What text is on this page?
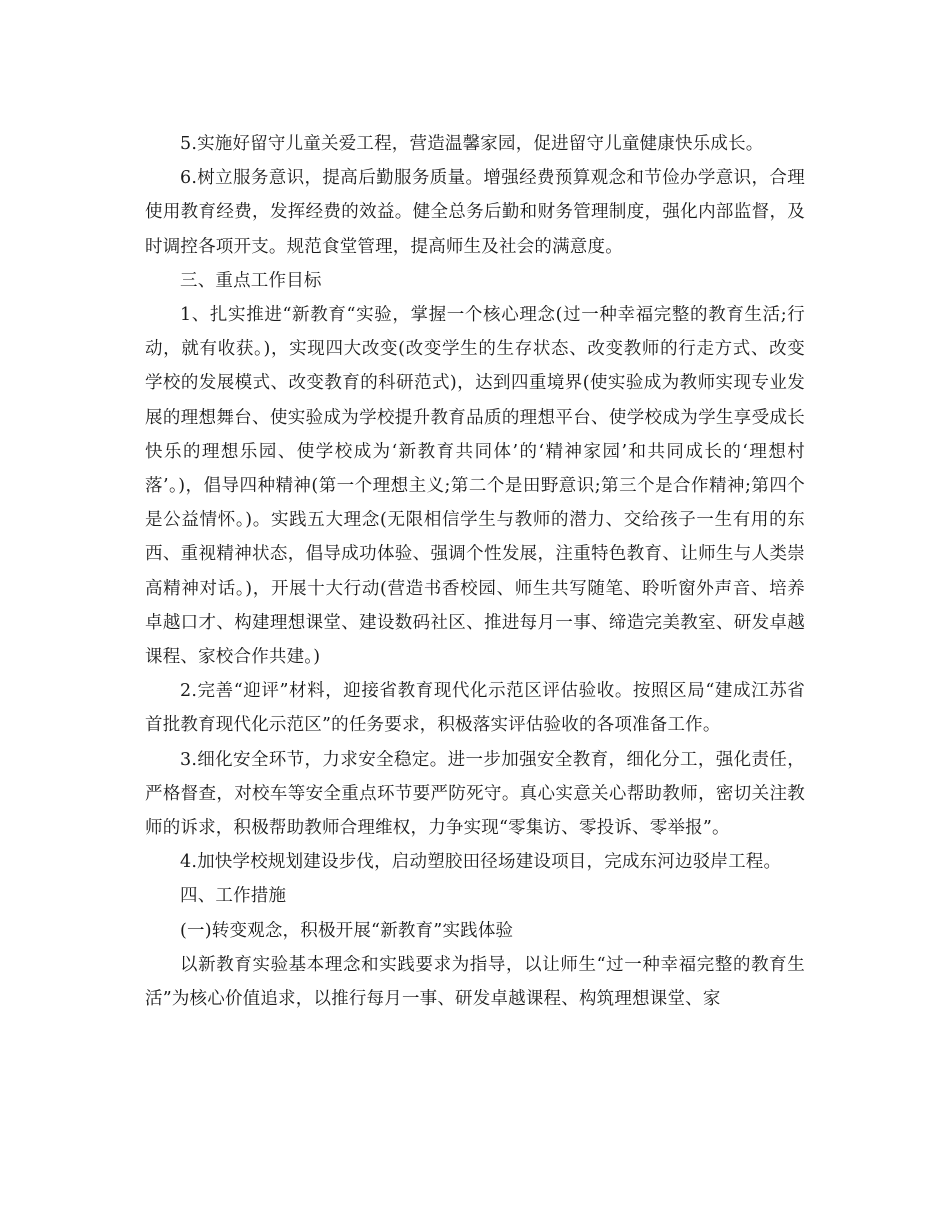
5.实施好留守儿童关爱工程，营造温馨家园，促进留守儿童健康快乐成长。

6.树立服务意识，提高后勤服务质量。增强经费预算观念和节俭办学意识，合理使用教育经费，发挥经费的效益。健全总务后勤和财务管理制度，强化内部监督，及时调控各项开支。规范食堂管理，提高师生及社会的满意度。

三、重点工作目标

1、扎实推进“新教育“实验，掌握一个核心理念(过一种幸福完整的教育生活;行动，就有收获。)，实现四大改变(改变学生的生存状态、改变教师的行走方式、改变学校的发展模式、改变教育的科研范式)，达到四重境界(使实验成为教师实现专业发展的理想舞台、使实验成为学校提升教育品质的理想平台、使学校成为学生享受成长快乐的理想乐园、使学校成为‘新教育共同体’的‘精神家园’和共同成长的‘理想村落’。)，倡导四种精神(第一个理想主义;第二个是田野意识;第三个是合作精神;第四个是公益情怀。)。实践五大理念(无限相信学生与教师的潜力、交给孩子一生有用的东西、重视精神状态，倡导成功体验、强调个性发展，注重特色教育、让师生与人类崇高精神对话。)，开展十大行动(营造书香校园、师生共写随笔、聆听窗外声音、培养卓越口才、构建理想课堂、建设数码社区、推进每月一事、缔造完美教室、研发卓越课程、家校合作共建。)

2.完善“迎评”材料，迎接省教育现代化示范区评估验收。按照区局“建成江苏省首批教育现代化示范区”的任务要求，积极落实评估验收的各项准备工作。

3.细化安全环节，力求安全稳定。进一步加强安全教育，细化分工，强化责任，严格督查，对校车等安全重点环节要严防死守。真心实意关心帮助教师，密切关注教师的诉求，积极帮助教师合理维权，力争实现“零集访、零投诉、零举报”。

4.加快学校规划建设步伐，启动塑胶田径场建设项目，完成东河边驳岸工程。

四、工作措施

(一)转变观念，积极开展“新教育”实践体验

以新教育实验基本理念和实践要求为指导，以让师生“过一种幸福完整的教育生活”为核心价值追求，以推行每月一事、研发卓越课程、构筑理想课堂、家
